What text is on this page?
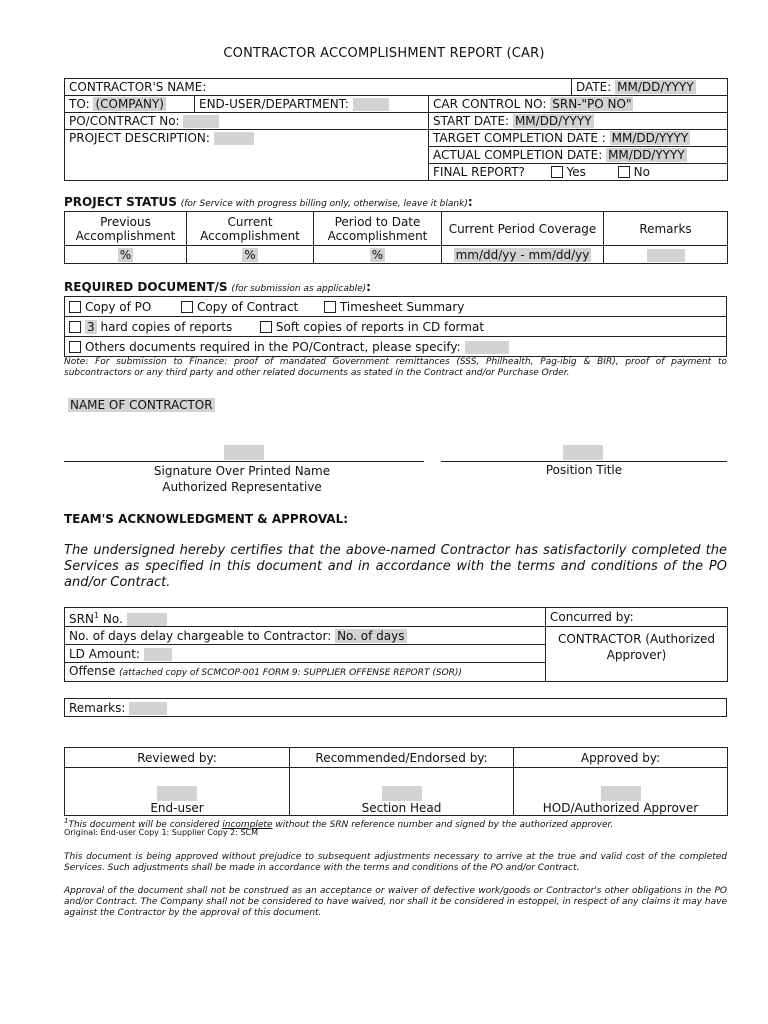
CONTRACTOR ACCOMPLISHMENT REPORT (CAR)
CONTRACTOR'S NAME:			DATE: MM/DD/YYYY
TO: (COMPANY)	END-USER/DEPARTMENT:	CAR CONTROL NO: SRN-"PO NO"	
PO/CONTRACT No:		START DATE: MM/DD/YYYY	
PROJECT DESCRIPTION:		TARGET COMPLETION DATE : MM/DD/YYYY	
		ACTUAL COMPLETION DATE: MM/DD/YYYY	
		FINAL REPORT? Yes No	
PROJECT STATUS (for Service with progress billing only, otherwise, leave it blank):
Previous Accomplishment	Current Accomplishment	Period to Date Accomplishment	Current Period Coverage	Remarks
%	%	%	mm/dd/yy - mm/dd/yy	
REQUIRED DOCUMENT/S (for submission as applicable):
Copy of PO	Copy of Contract	Timesheet Summary
3 hard copies of reports	Soft copies of reports in CD format
Others documents required in the PO/Contract, please specify:
Note: For submission to Finance: proof of mandated Government remittances (SSS, Philhealth, Pag-ibig & BIR), proof of payment to subcontractors or any third party and other related documents as stated in the Contract and/or Purchase Order.
NAME OF CONTRACTOR
Signature Over Printed Name
Authorized Representative
Position Title
TEAM'S ACKNOWLEDGMENT & APPROVAL:
The undersigned hereby certifies that the above-named Contractor has satisfactorily completed the Services as specified in this document and in accordance with the terms and conditions of the PO and/or Contract.
SRN$^1$ No.	Concurred by:
No. of days delay chargeable to Contractor: No. of days	CONTRACTOR (Authorized
Approver)

LD Amount:	
Offense (attached copy of SCMCOP-001 FORM 9: SUPPLIER OFFENSE REPORT (SOR))	
Remarks:
Reviewed by:	Recommended/Endorsed by:	Approved by:

End-user	Section Head	HOD/Authorized Approver
$^1$This document will be considered incomplete without the SRN reference number and signed by the authorized approver.
Original: End-user Copy 1: Supplier Copy 2: SCM
This document is being approved without prejudice to subsequent adjustments necessary to arrive at the true and valid cost of the completed Services. Such adjustments shall be made in accordance with the terms and conditions of the PO and/or Contract.
Approval of the document shall not be construed as an acceptance or waiver of defective work/goods or Contractor's other obligations in the PO and/or Contract. The Company shall not be considered to have waived, nor shall it be considered in estoppel, in respect of any claims it may have against the Contractor by the approval of this document.
